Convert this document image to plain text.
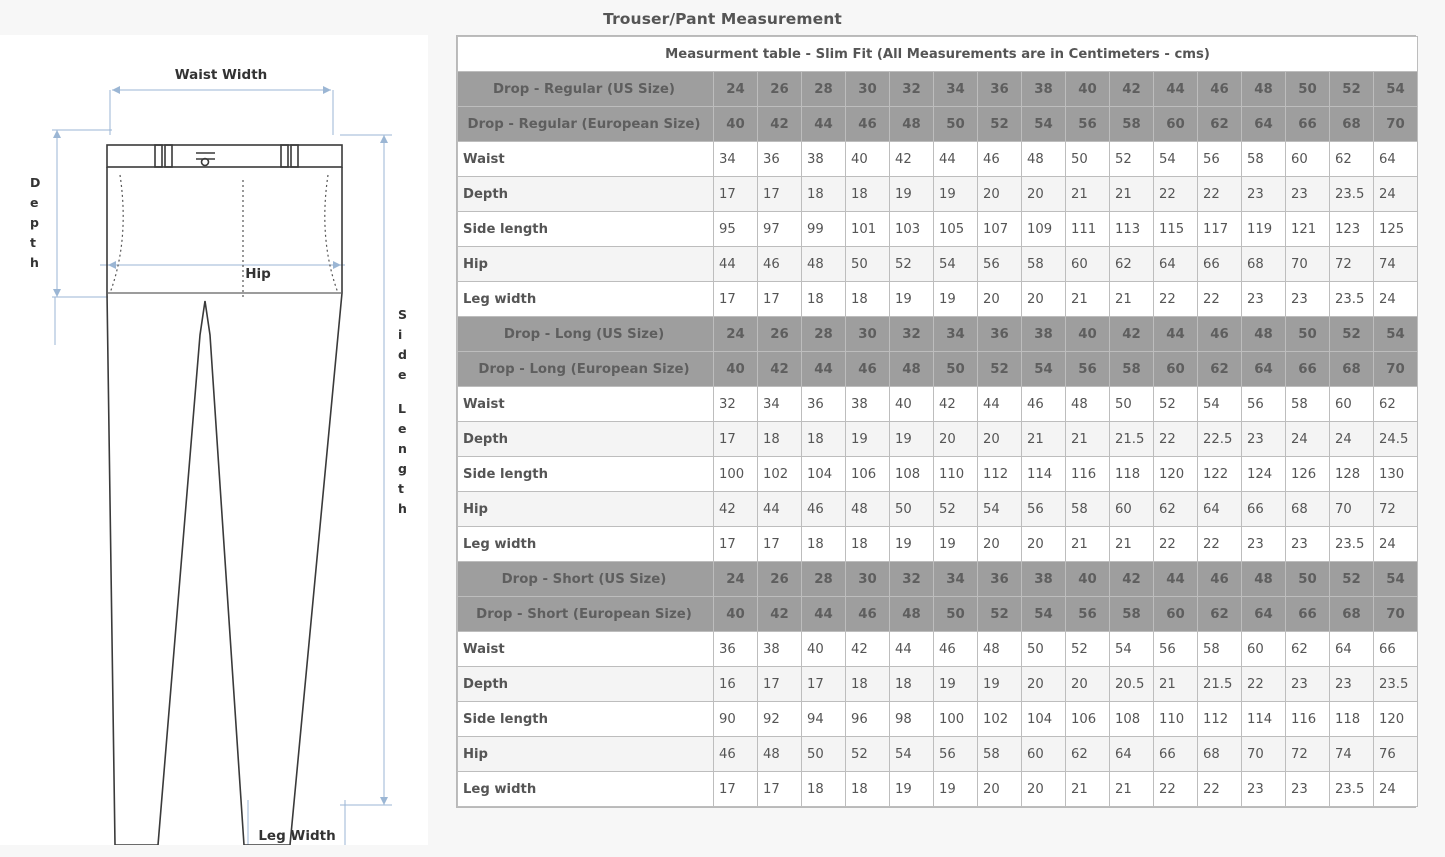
Trouser/Pant Measurement
Waist Width
Hip
Leg Width
D
e
p
t
h
S
i
d
e
L
e
n
g
t
h
Measurment table - Slim Fit (All Measurements are in Centimeters - cms)																
Drop - Regular (US Size)	24	26	28	30	32	34	36	38	40	42	44	46	48	50	52	54
Drop - Regular (European Size)	40	42	44	46	48	50	52	54	56	58	60	62	64	66	68	70
Waist	34	36	38	40	42	44	46	48	50	52	54	56	58	60	62	64
Depth	17	17	18	18	19	19	20	20	21	21	22	22	23	23	23.5	24
Side length	95	97	99	101	103	105	107	109	111	113	115	117	119	121	123	125
Hip	44	46	48	50	52	54	56	58	60	62	64	66	68	70	72	74
Leg width	17	17	18	18	19	19	20	20	21	21	22	22	23	23	23.5	24
Drop - Long (US Size)	24	26	28	30	32	34	36	38	40	42	44	46	48	50	52	54
Drop - Long (European Size)	40	42	44	46	48	50	52	54	56	58	60	62	64	66	68	70
Waist	32	34	36	38	40	42	44	46	48	50	52	54	56	58	60	62
Depth	17	18	18	19	19	20	20	21	21	21.5	22	22.5	23	24	24	24.5
Side length	100	102	104	106	108	110	112	114	116	118	120	122	124	126	128	130
Hip	42	44	46	48	50	52	54	56	58	60	62	64	66	68	70	72
Leg width	17	17	18	18	19	19	20	20	21	21	22	22	23	23	23.5	24
Drop - Short (US Size)	24	26	28	30	32	34	36	38	40	42	44	46	48	50	52	54
Drop - Short (European Size)	40	42	44	46	48	50	52	54	56	58	60	62	64	66	68	70
Waist	36	38	40	42	44	46	48	50	52	54	56	58	60	62	64	66
Depth	16	17	17	18	18	19	19	20	20	20.5	21	21.5	22	23	23	23.5
Side length	90	92	94	96	98	100	102	104	106	108	110	112	114	116	118	120
Hip	46	48	50	52	54	56	58	60	62	64	66	68	70	72	74	76
Leg width	17	17	18	18	19	19	20	20	21	21	22	22	23	23	23.5	24
